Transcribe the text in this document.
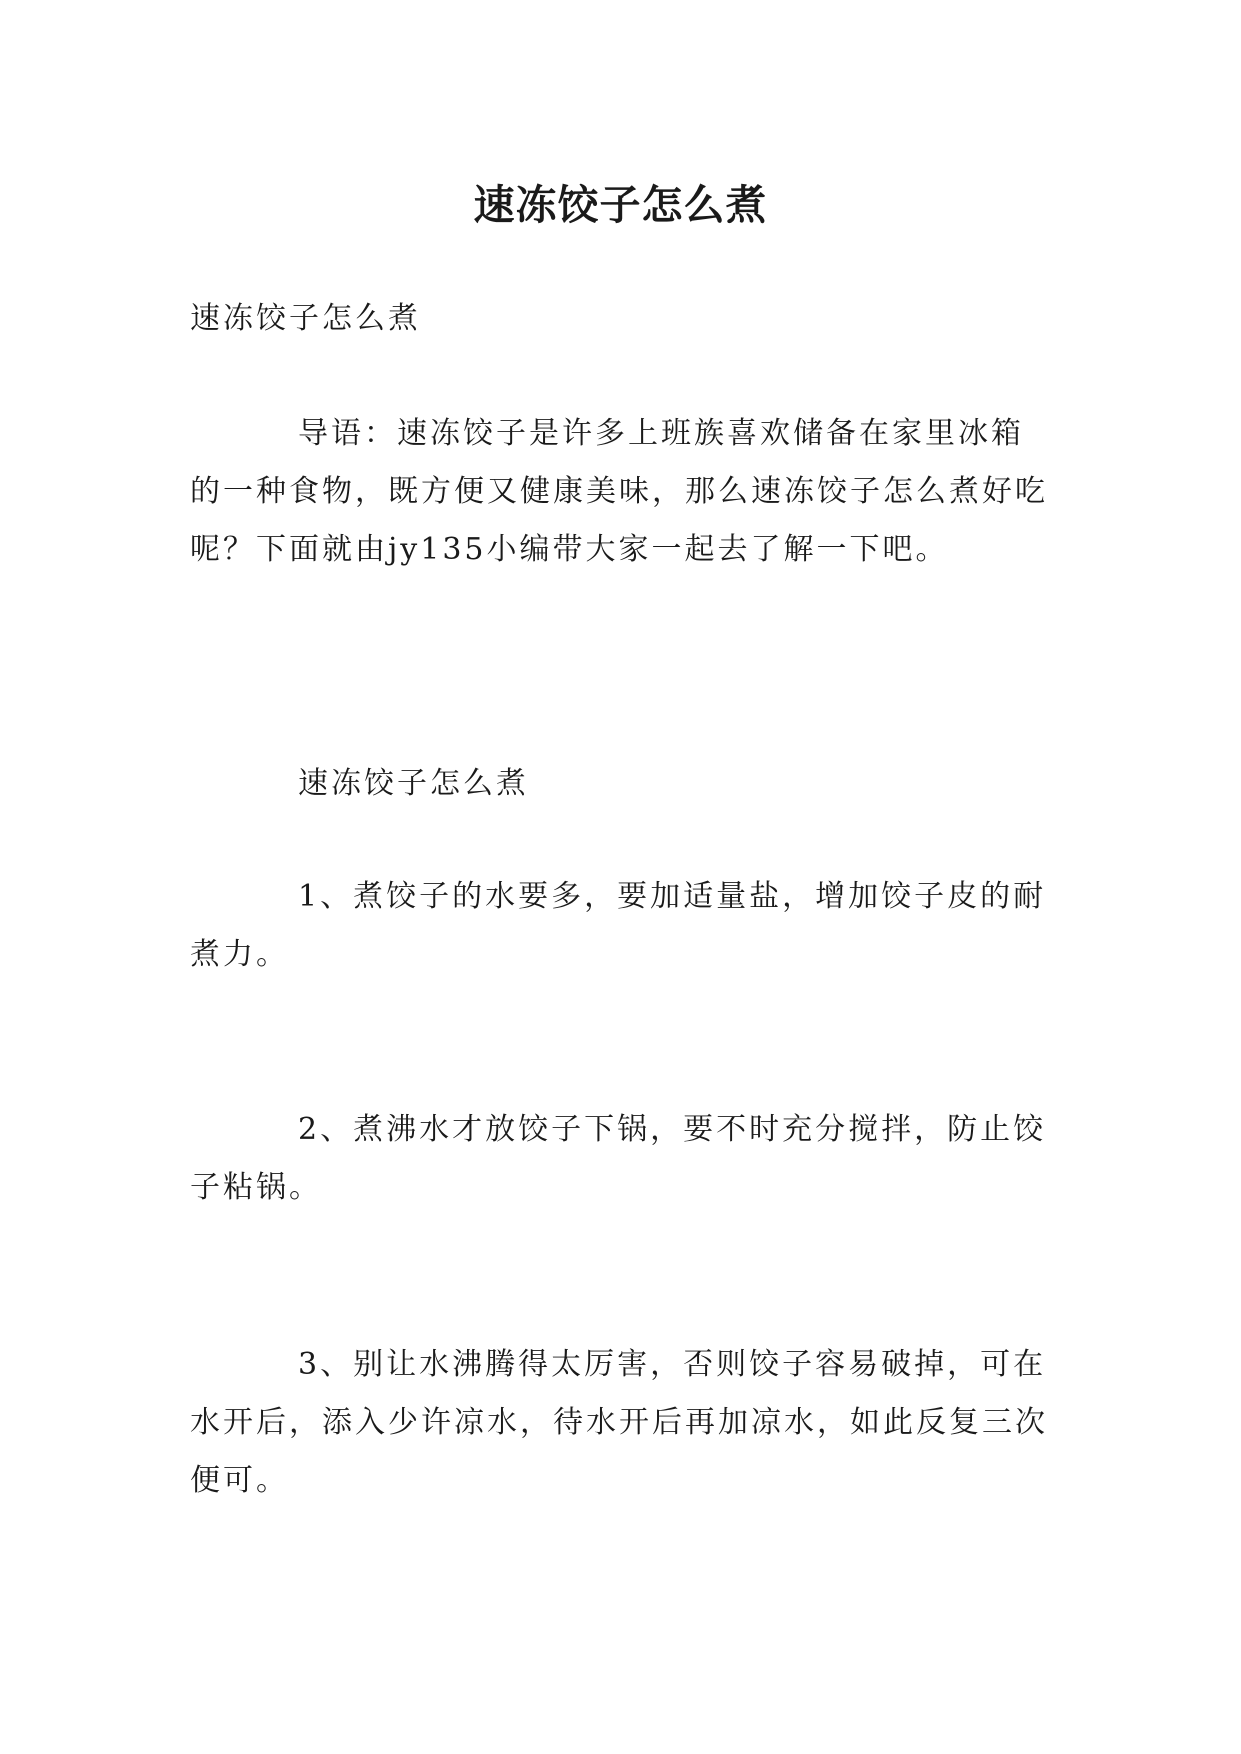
速冻饺子怎么煮

速冻饺子怎么煮

导语：速冻饺子是许多上班族喜欢储备在家里冰箱的一种食物，既方便又健康美味，那么速冻饺子怎么煮好吃呢？下面就由jy135小编带大家一起去了解一下吧。

速冻饺子怎么煮

1、煮饺子的水要多，要加适量盐，增加饺子皮的耐煮力。

2、煮沸水才放饺子下锅，要不时充分搅拌，防止饺子粘锅。

3、别让水沸腾得太厉害，否则饺子容易破掉，可在水开后，添入少许凉水，待水开后再加凉水，如此反复三次便可。
